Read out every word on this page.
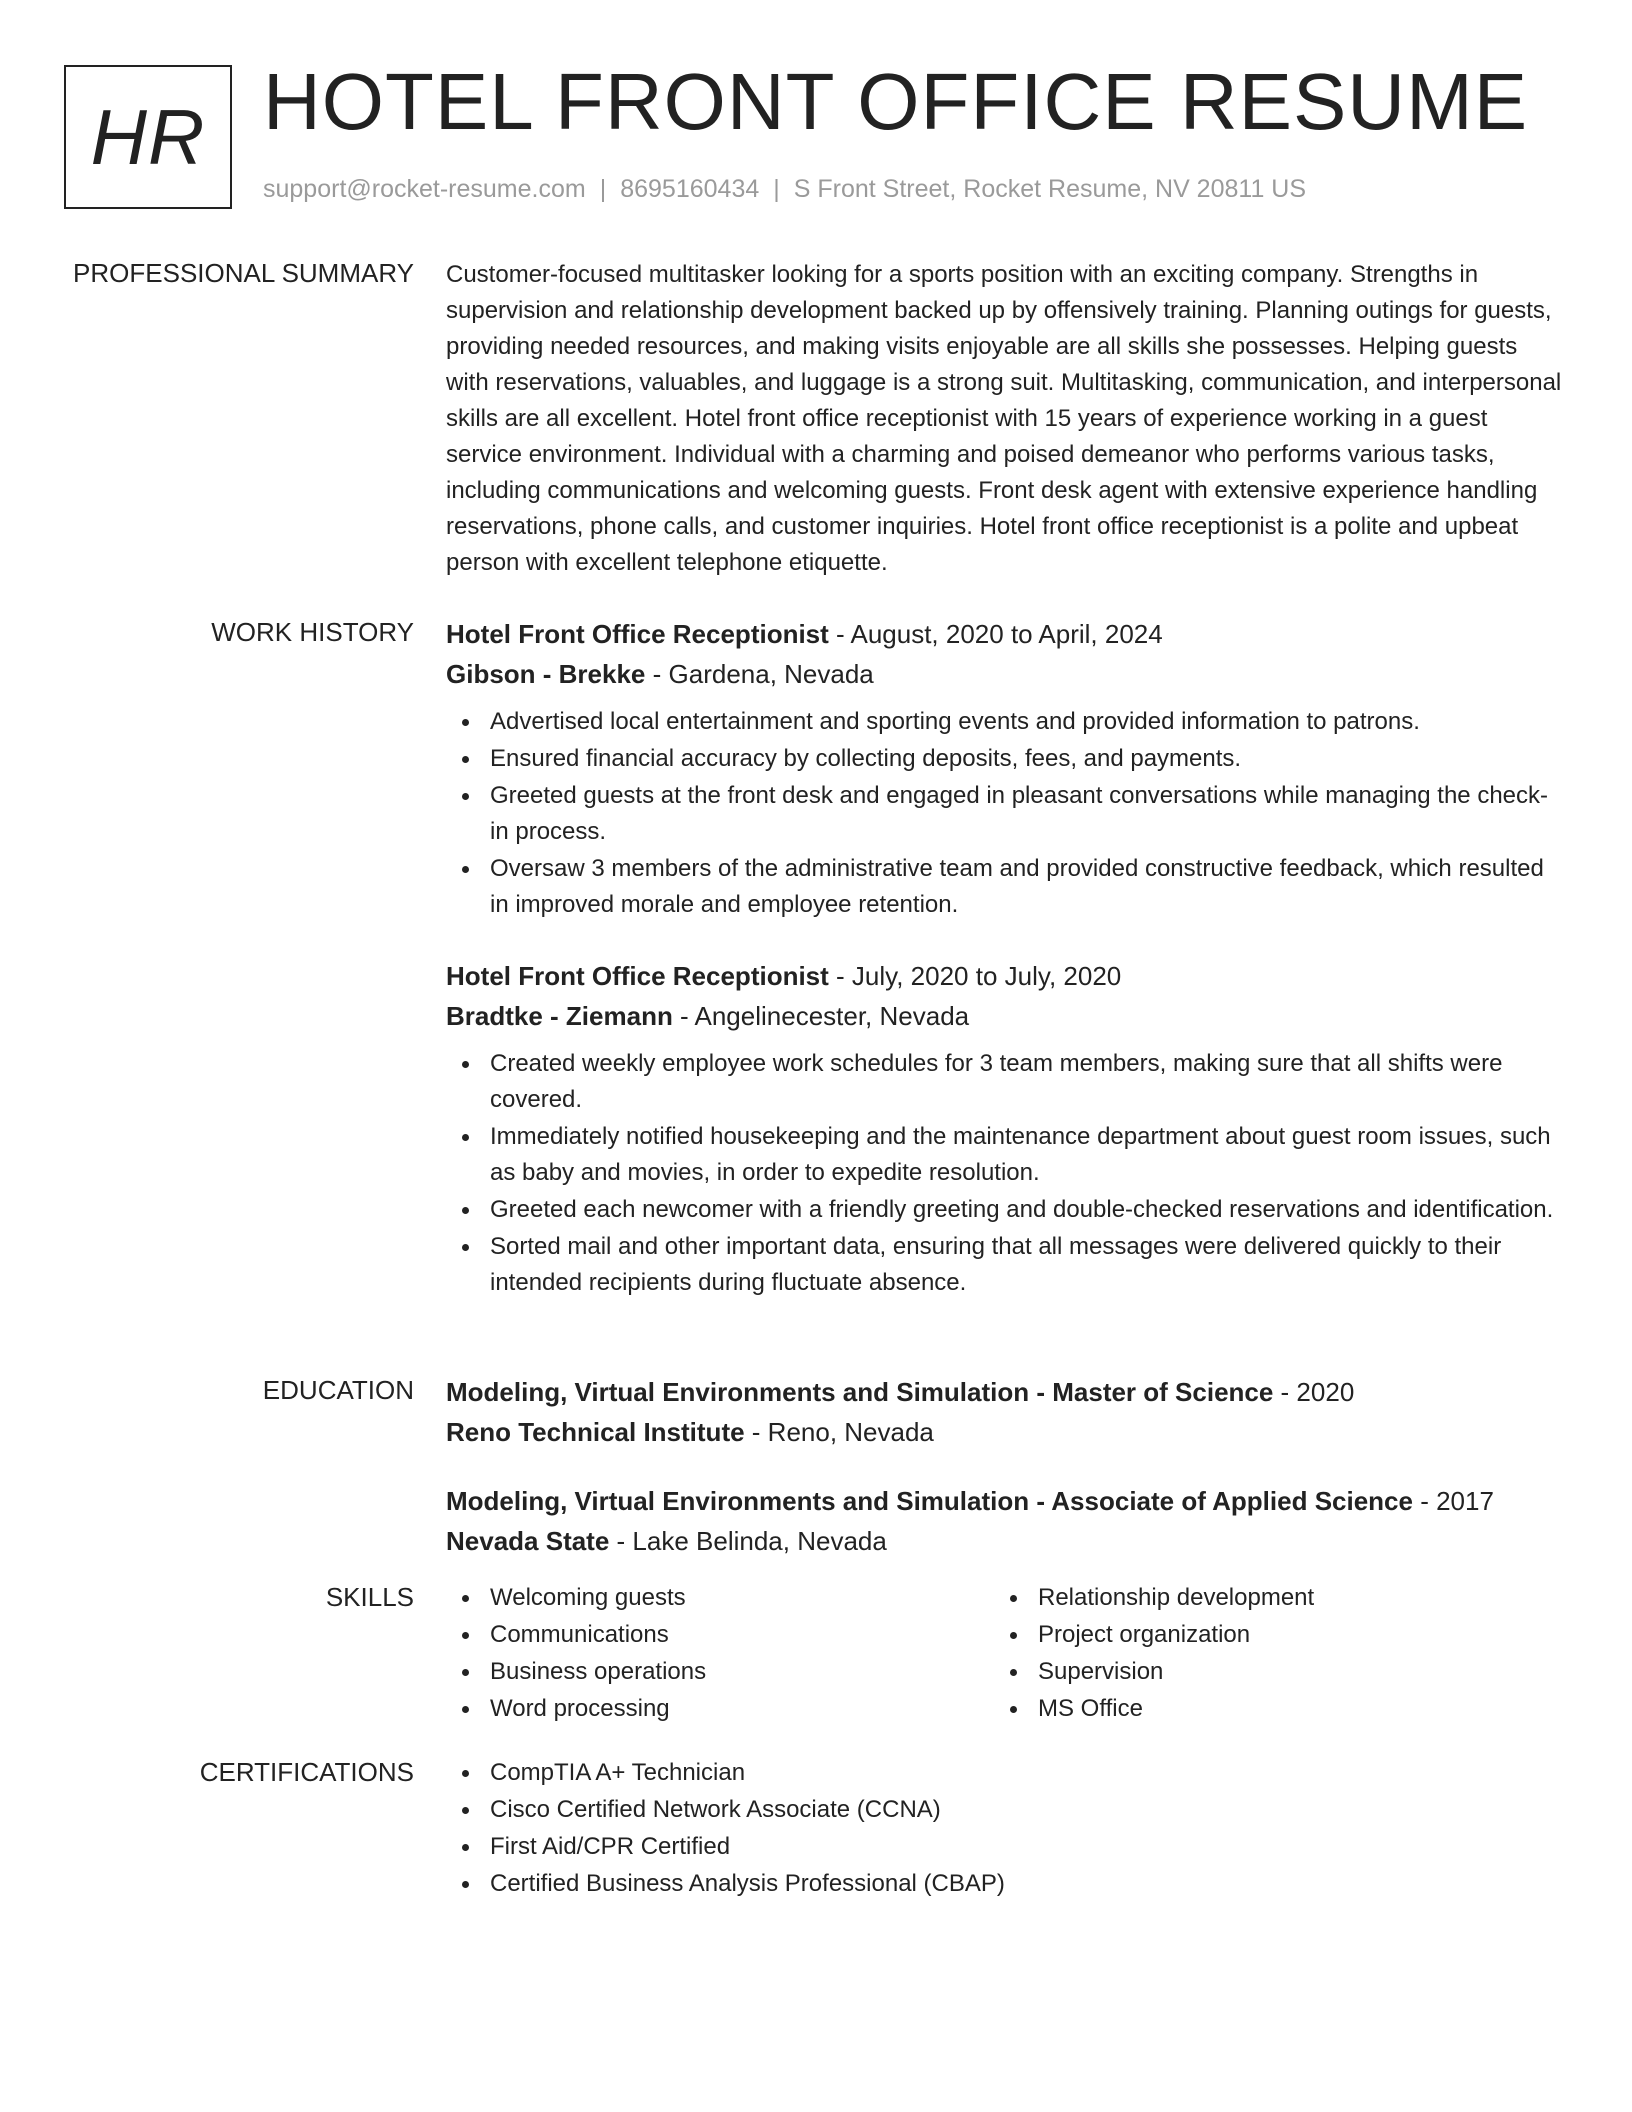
HR HOTEL FRONT OFFICE RESUME
support@rocket-resume.com | 8695160434 | S Front Street, Rocket Resume, NV 20811 US
PROFESSIONAL SUMMARY Customer-focused multitasker looking for a sports position with an exciting company. Strengths in supervision and relationship development backed up by offensively training. Planning outings for guests, providing needed resources, and making visits enjoyable are all skills she possesses. Helping guests with reservations, valuables, and luggage is a strong suit. Multitasking, communication, and interpersonal skills are all excellent. Hotel front office receptionist with 15 years of experience working in a guest service environment. Individual with a charming and poised demeanor who performs various tasks, including communications and welcoming guests. Front desk agent with extensive experience handling reservations, phone calls, and customer inquiries. Hotel front office receptionist is a polite and upbeat person with excellent telephone etiquette.

WORK HISTORY Hotel Front Office Receptionist - August, 2020 to April, 2024
Gibson - Brekke - Gardena, Nevada
Advertised local entertainment and sporting events and provided information to patrons.
Ensured financial accuracy by collecting deposits, fees, and payments.
Greeted guests at the front desk and engaged in pleasant conversations while managing the check-in process.
Oversaw 3 members of the administrative team and provided constructive feedback, which resulted in improved morale and employee retention.
Hotel Front Office Receptionist - July, 2020 to July, 2020
Bradtke - Ziemann - Angelinecester, Nevada
Created weekly employee work schedules for 3 team members, making sure that all shifts were covered.
Immediately notified housekeeping and the maintenance department about guest room issues, such as baby and movies, in order to expedite resolution.
Greeted each newcomer with a friendly greeting and double-checked reservations and identification.
Sorted mail and other important data, ensuring that all messages were delivered quickly to their intended recipients during fluctuate absence.
EDUCATION Modeling, Virtual Environments and Simulation - Master of Science - 2020
Reno Technical Institute - Reno, Nevada
Modeling, Virtual Environments and Simulation - Associate of Applied Science - 2017
Nevada State - Lake Belinda, Nevada
SKILLS	Welcoming guests
Communications
Business operations
Word processing
Relationship development
Project organization
Supervision
MS Office
CERTIFICATIONS	CompTIA A+ Technician
Cisco Certified Network Associate (CCNA)
First Aid/CPR Certified
Certified Business Analysis Professional (CBAP)
